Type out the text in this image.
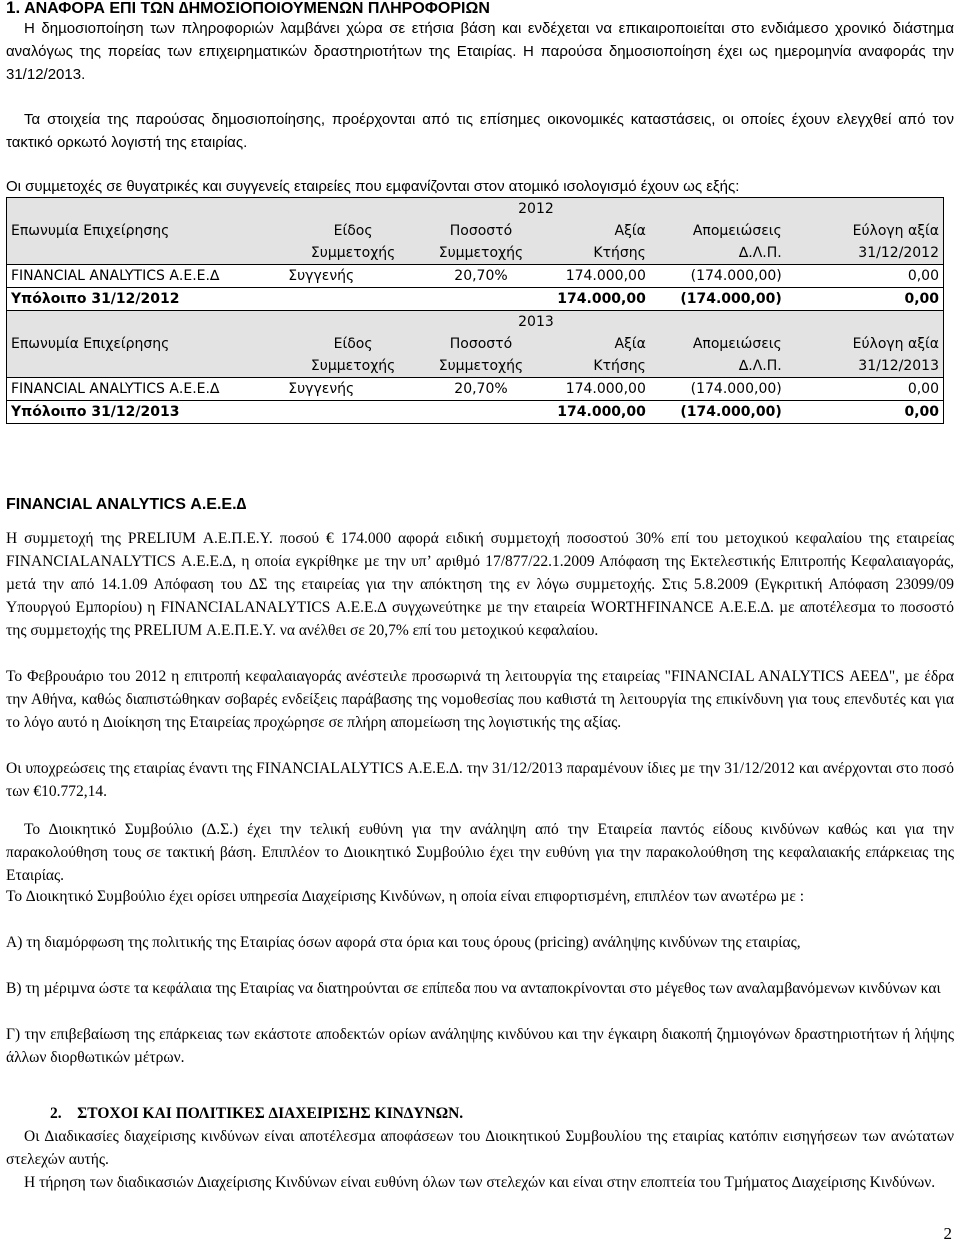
1. ΑΝΑΦΟΡΑ ΕΠΙ ΤΩΝ ∆ΗΜΟΣΙΟΠΟΙΟΥΜΕΝΩΝ ΠΛΗΡΟΦΟΡΙΩΝ

Η δηµοσιοποίηση των πληροφοριών λαµβάνει χώρα σε ετήσια βάση και ενδέχεται να επικαιροποιείται στο ενδιάµεσο χρονικό διάστηµα αναλόγως της πορείας των επιχειρηµατικών δραστηριοτήτων της Εταιρίας. Η παρούσα δηµοσιοποίηση έχει ως ηµεροµηνία αναφοράς την 31/12/2013.

Τα στοιχεία της παρούσας δηµοσιοποίησης, προέρχονται από τις επίσηµες οικονοµικές καταστάσεις, οι οποίες έχουν ελεγχθεί από τον τακτικό ορκωτό λογιστή της εταιρίας.

Οι συµµετοχές σε θυγατρικές και συγγενείς εταιρείες που εµφανίζονται στον ατοµικό ισολογισµό έχουν ως εξής:

Επωνυµία Επιχείρησης		2012			
	Είδος	Ποσοστό	Αξία	Αποµειώσεις	Εύλογη αξία
	Συµµετοχής	Συµµετοχής	Κτήσης	∆.Λ.Π.	31/12/2012
FINANCIAL ANALYTICS Α.Ε.Ε.∆	Συγγενής	20,70%	174.000,00	(174.000,00)	0,00
Υπόλοιπο 31/12/2012			174.000,00	(174.000,00)	0,00
Επωνυµία Επιχείρησης		2013			
	Είδος	Ποσοστό	Αξία	Αποµειώσεις	Εύλογη αξία
	Συµµετοχής	Συµµετοχής	Κτήσης	∆.Λ.Π.	31/12/2013
FINANCIAL ANALYTICS Α.Ε.Ε.∆	Συγγενής	20,70%	174.000,00	(174.000,00)	0,00
Υπόλοιπο 31/12/2013			174.000,00	(174.000,00)	0,00

FINANCIAL ANALYTICS Α.Ε.Ε.∆

Η συµµετοχή της PRELIUM Α.Ε.Π.Ε.Υ. ποσού € 174.000 αφορά ειδική συµµετοχή ποσοστού 30% επί του µετοχικού κεφαλαίου της εταιρείας FINANCIALANALYTICS Α.Ε.Ε.∆, η οποία εγκρίθηκε µε την υπ’ αριθµό 17/877/22.1.2009 Απόφαση της Εκτελεστικής Επιτροπής Κεφαλαιαγοράς, µετά την από 14.1.09 Απόφαση του ∆Σ της εταιρείας για την απόκτηση της εν λόγω συµµετοχής. Στις 5.8.2009 (Εγκριτική Απόφαση 23099/09 Υπουργού Εµπορίου) η FINANCIALANALYTICS Α.Ε.Ε.∆ συγχωνεύτηκε µε την εταιρεία WORTHFINANCE Α.Ε.Ε.∆. µε αποτέλεσµα το ποσοστό της συµµετοχής της PRELIUM Α.Ε.Π.Ε.Υ. να ανέλθει σε 20,7% επί του µετοχικού κεφαλαίου.

Το Φεβρουάριο του 2012 η επιτροπή κεφαλαιαγοράς ανέστειλε προσωρινά τη λειτουργία της εταιρείας "FINANCIAL ANALYTICS ΑΕΕ∆", µε έδρα την Αθήνα, καθώς διαπιστώθηκαν σοβαρές ενδείξεις παράβασης της νοµοθεσίας που καθιστά τη λειτουργία της επικίνδυνη για τους επενδυτές και για το λόγο αυτό η ∆ιοίκηση της Εταιρείας προχώρησε σε πλήρη αποµείωση της λογιστικής της αξίας.

Οι υποχρεώσεις της εταιρίας έναντι της FINANCIALALYTICS Α.Ε.Ε.∆. την 31/12/2013 παραµένουν ίδιες µε την 31/12/2012 και ανέρχονται στο ποσό των €10.772,14.

Το ∆ιοικητικό Συµβούλιο (∆.Σ.) έχει την τελική ευθύνη για την ανάληψη από την Εταιρεία παντός είδους κινδύνων καθώς και για την παρακολούθηση τους σε τακτική βάση. Επιπλέον το ∆ιοικητικό Συµβούλιο έχει την ευθύνη για την παρακολούθηση της κεφαλαιακής επάρκειας της Εταιρίας.

Το ∆ιοικητικό Συµβούλιο έχει ορίσει υπηρεσία ∆ιαχείρισης Κινδύνων, η οποία είναι επιφορτισµένη, επιπλέον των ανωτέρω µε :

Α) τη διαµόρφωση της πολιτικής της Εταιρίας όσων αφορά στα όρια και τους όρους (pricing) ανάληψης κινδύνων της εταιρίας,

Β) τη µέριµνα ώστε τα κεφάλαια της Εταιρίας να διατηρούνται σε επίπεδα που να ανταποκρίνονται στο µέγεθος των αναλαµβανόµενων κινδύνων και

Γ) την επιβεβαίωση της επάρκειας των εκάστοτε αποδεκτών ορίων ανάληψης κινδύνου και την έγκαιρη διακοπή ζηµιογόνων δραστηριοτήτων ή λήψης άλλων διορθωτικών µέτρων.

2. ΣΤΟΧΟΙ ΚΑΙ ΠΟΛΙΤΙΚΕΣ ∆ΙΑΧΕΙΡΙΣΗΣ ΚΙΝ∆ΥΝΩΝ.

Οι ∆ιαδικασίες διαχείρισης κινδύνων είναι αποτέλεσµα αποφάσεων του ∆ιοικητικού Συµβουλίου της εταιρίας κατόπιν εισηγήσεων των ανώτατων στελεχών αυτής.

Η τήρηση των διαδικασιών ∆ιαχείρισης Κινδύνων είναι ευθύνη όλων των στελεχών και είναι στην εποπτεία του Τµήµατος ∆ιαχείρισης Κινδύνων.

2
